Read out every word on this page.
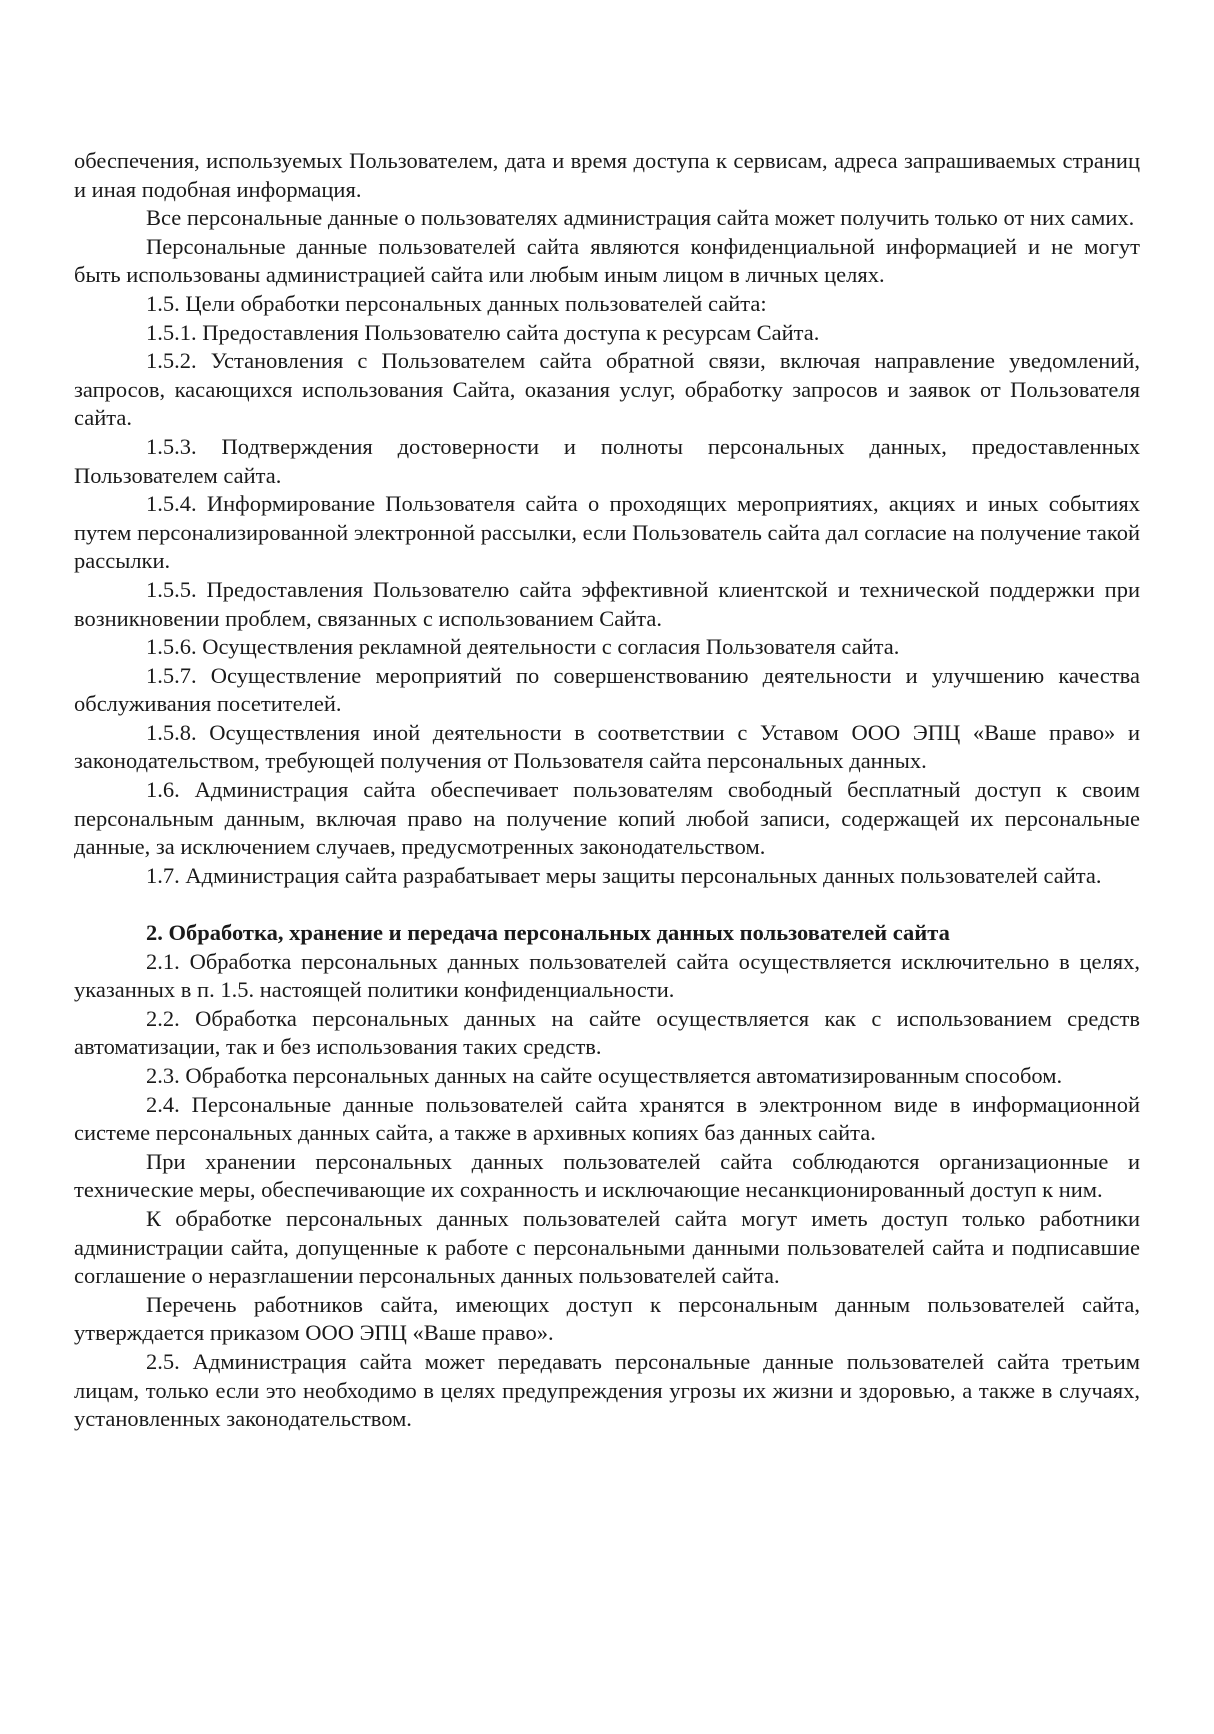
обеспечения, используемых Пользователем, дата и время доступа к сервисам, адреса запрашиваемых страниц и иная подобная информация.

Все персональные данные о пользователях администрация сайта может получить только от них самих.

Персональные данные пользователей сайта являются конфиденциальной информацией и не могут быть использованы администрацией сайта или любым иным лицом в личных целях.

1.5. Цели обработки персональных данных пользователей сайта:

1.5.1. Предоставления Пользователю сайта доступа к ресурсам Сайта.

1.5.2. Установления с Пользователем сайта обратной связи, включая направление уведомлений, запросов, касающихся использования Сайта, оказания услуг, обработку запросов и заявок от Пользователя сайта.

1.5.3. Подтверждения достоверности и полноты персональных данных, предоставленных Пользователем сайта.

1.5.4. Информирование Пользователя сайта о проходящих мероприятиях, акциях и иных событиях путем персонализированной электронной рассылки, если Пользователь сайта дал согласие на получение такой рассылки.

1.5.5. Предоставления Пользователю сайта эффективной клиентской и технической поддержки при возникновении проблем, связанных с использованием Сайта.

1.5.6. Осуществления рекламной деятельности с согласия Пользователя сайта.

1.5.7. Осуществление мероприятий по совершенствованию деятельности и улучшению качества обслуживания посетителей.

1.5.8. Осуществления иной деятельности в соответствии с Уставом ООО ЭПЦ «Ваше право» и законодательством, требующей получения от Пользователя сайта персональных данных.

1.6. Администрация сайта обеспечивает пользователям свободный бесплатный доступ к своим персональным данным, включая право на получение копий любой записи, содержащей их персональные данные, за исключением случаев, предусмотренных законодательством.

1.7. Администрация сайта разрабатывает меры защиты персональных данных пользователей сайта.

2. Обработка, хранение и передача персональных данных пользователей сайта

2.1. Обработка персональных данных пользователей сайта осуществляется исключительно в целях, указанных в п. 1.5. настоящей политики конфиденциальности.

2.2. Обработка персональных данных на сайте осуществляется как с использованием средств автоматизации, так и без использования таких средств.

2.3. Обработка персональных данных на сайте осуществляется автоматизированным способом.

2.4. Персональные данные пользователей сайта хранятся в электронном виде в информационной системе персональных данных сайта, а также в архивных копиях баз данных сайта.

При хранении персональных данных пользователей сайта соблюдаются организационные и технические меры, обеспечивающие их сохранность и исключающие несанкционированный доступ к ним.

К обработке персональных данных пользователей сайта могут иметь доступ только работники администрации сайта, допущенные к работе с персональными данными пользователей сайта и подписавшие соглашение о неразглашении персональных данных пользователей сайта.

Перечень работников сайта, имеющих доступ к персональным данным пользователей сайта, утверждается приказом ООО ЭПЦ «Ваше право».

2.5. Администрация сайта может передавать персональные данные пользователей сайта третьим лицам, только если это необходимо в целях предупреждения угрозы их жизни и здоровью, а также в случаях, установленных законодательством.
